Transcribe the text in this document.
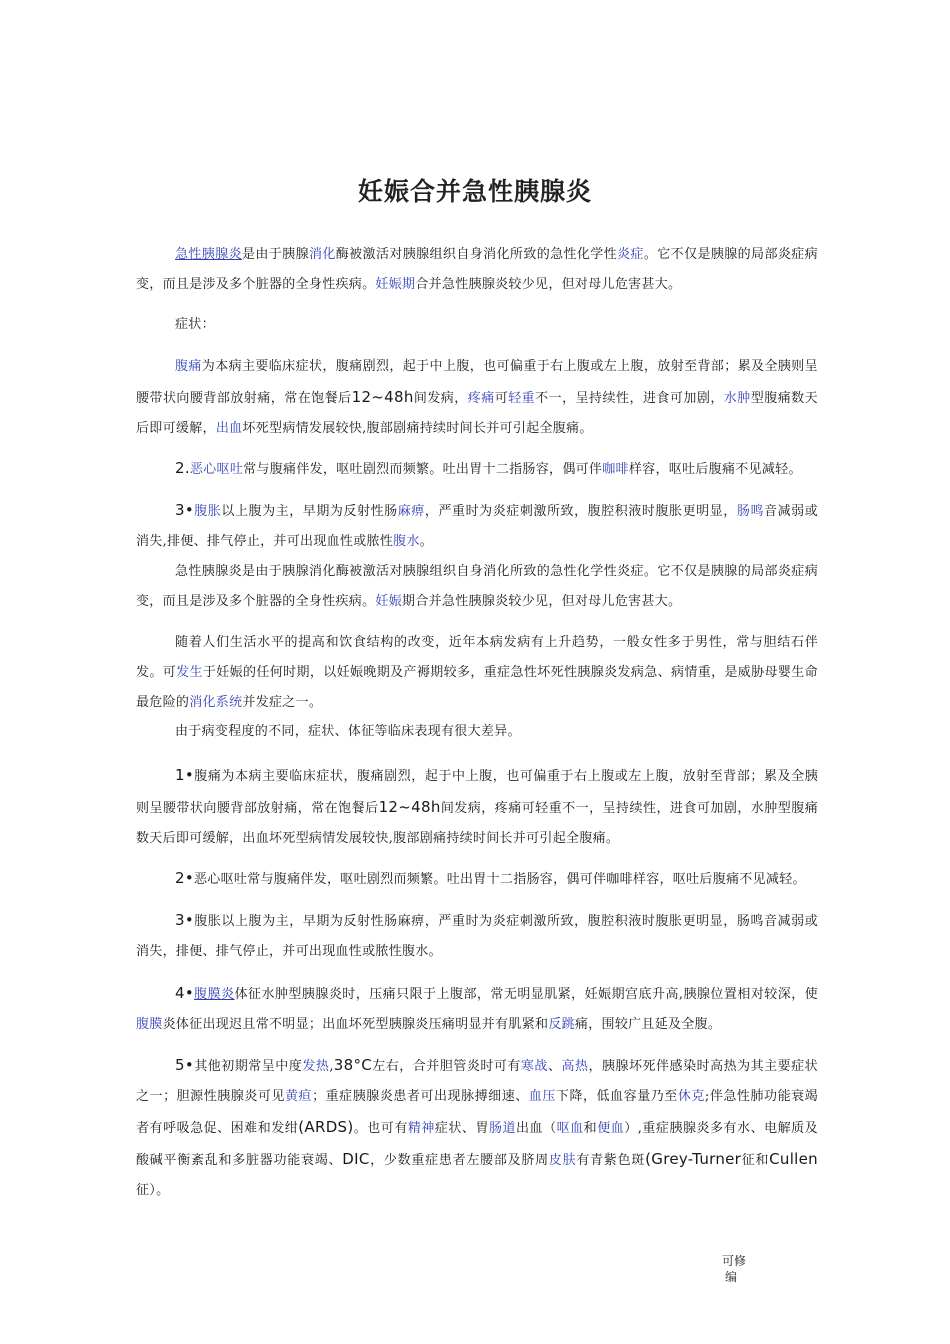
妊娠合并急性胰腺炎

急性胰腺炎是由于胰腺消化酶被激活对胰腺组织自身消化所致的急性化学性炎症。它不仅是胰腺的局部炎症病变，而且是涉及多个脏器的全身性疾病。妊娠期合并急性胰腺炎较少见，但对母儿危害甚大。

症状：

腹痛为本病主要临床症状，腹痛剧烈，起于中上腹，也可偏重于右上腹或左上腹，放射至背部；累及全胰则呈腰带状向腰背部放射痛，常在饱餐后12~48h间发病，疼痛可轻重不一，呈持续性，进食可加剧，水肿型腹痛数天后即可缓解，出血坏死型病情发展较快,腹部剧痛持续时间长并可引起全腹痛。

2.恶心呕吐常与腹痛伴发，呕吐剧烈而频繁。吐出胃十二指肠容，偶可伴咖啡样容，呕吐后腹痛不见减轻。

3•腹胀以上腹为主，早期为反射性肠麻痹，严重时为炎症刺激所致，腹腔积液时腹胀更明显，肠鸣音减弱或消失,排便、排气停止，并可出现血性或脓性腹水。

急性胰腺炎是由于胰腺消化酶被激活对胰腺组织自身消化所致的急性化学性炎症。它不仅是胰腺的局部炎症病变，而且是涉及多个脏器的全身性疾病。妊娠期合并急性胰腺炎较少见，但对母儿危害甚大。

随着人们生活水平的提高和饮食结构的改变，近年本病发病有上升趋势，一般女性多于男性，常与胆结石伴发。可发生于妊娠的任何时期，以妊娠晚期及产褥期较多，重症急性坏死性胰腺炎发病急、病情重，是威胁母婴生命最危险的消化系统并发症之一。

由于病变程度的不同，症状、体征等临床表现有很大差异。

1•腹痛为本病主要临床症状，腹痛剧烈，起于中上腹，也可偏重于右上腹或左上腹，放射至背部；累及全胰则呈腰带状向腰背部放射痛，常在饱餐后12~48h间发病，疼痛可轻重不一，呈持续性，进食可加剧，水肿型腹痛数天后即可缓解，出血坏死型病情发展较快,腹部剧痛持续时间长并可引起全腹痛。

2•恶心呕吐常与腹痛伴发，呕吐剧烈而频繁。吐出胃十二指肠容，偶可伴咖啡样容，呕吐后腹痛不见减轻。

3•腹胀以上腹为主，早期为反射性肠麻痹，严重时为炎症刺激所致，腹腔积液时腹胀更明显，肠鸣音减弱或消失，排便、排气停止，并可出现血性或脓性腹水。

4•腹膜炎体征水肿型胰腺炎时，压痛只限于上腹部，常无明显肌紧，妊娠期宫底升高,胰腺位置相对较深，使腹膜炎体征出现迟且常不明显；出血坏死型胰腺炎压痛明显并有肌紧和反跳痛，围较广且延及全腹。

5•其他初期常呈中度发热,38°C左右，合并胆管炎时可有寒战、高热，胰腺坏死伴感染时高热为其主要症状之一；胆源性胰腺炎可见黄疸；重症胰腺炎患者可出现脉搏细速、血压下降，低血容量乃至休克;伴急性肺功能衰竭者有呼吸急促、困难和发绀(ARDS)。也可有精神症状、胃肠道出血（呕血和便血）,重症胰腺炎多有水、电解质及酸碱平衡紊乱和多脏器功能衰竭、DIC，少数重症患者左腰部及脐周皮肤有青紫色斑(Grey-Turner征和Cullen征）。

可修
编
